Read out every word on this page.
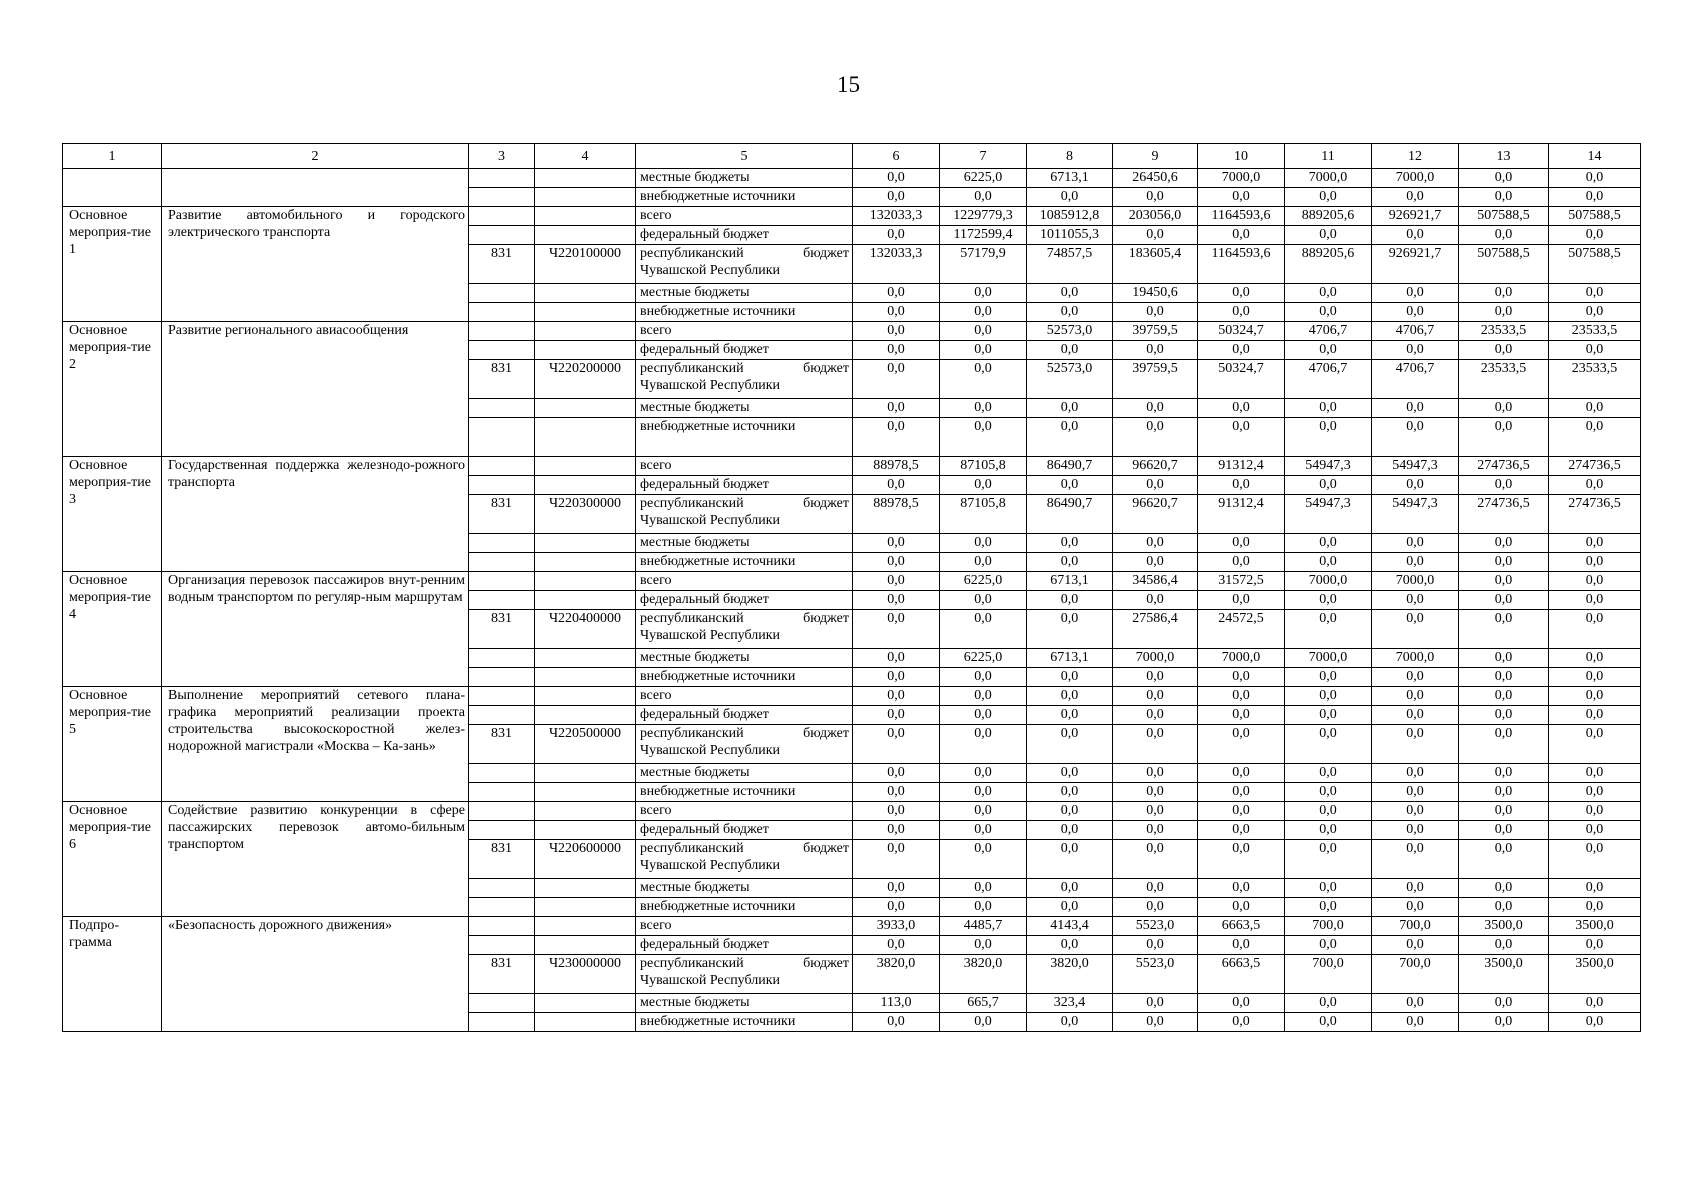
15
1	2	3	4	5	6	7	8	9	10	11	12	13	14
				местные бюджеты	0,0	6225,0	6713,1	26450,6	7000,0	7000,0	7000,0	0,0	0,0
				внебюджетные источники	0,0	0,0	0,0	0,0	0,0	0,0	0,0	0,0	0,0
Основное мероприя-тие 1	Развитие автомобильного и городского электрического транспорта			всего	132033,3	1229779,3	1085912,8	203056,0	1164593,6	889205,6	926921,7	507588,5	507588,5
				федеральный бюджет	0,0	1172599,4	1011055,3	0,0	0,0	0,0	0,0	0,0	0,0
		831	Ч220100000	республиканский бюджет Чувашской Республики	132033,3	57179,9	74857,5	183605,4	1164593,6	889205,6	926921,7	507588,5	507588,5
				местные бюджеты	0,0	0,0	0,0	19450,6	0,0	0,0	0,0	0,0	0,0
				внебюджетные источники	0,0	0,0	0,0	0,0	0,0	0,0	0,0	0,0	0,0
Основное мероприя-тие 2	Развитие регионального авиасообщения			всего	0,0	0,0	52573,0	39759,5	50324,7	4706,7	4706,7	23533,5	23533,5
				федеральный бюджет	0,0	0,0	0,0	0,0	0,0	0,0	0,0	0,0	0,0
		831	Ч220200000	республиканский бюджет Чувашской Республики	0,0	0,0	52573,0	39759,5	50324,7	4706,7	4706,7	23533,5	23533,5
				местные бюджеты	0,0	0,0	0,0	0,0	0,0	0,0	0,0	0,0	0,0
				внебюджетные источники	0,0	0,0	0,0	0,0	0,0	0,0	0,0	0,0	0,0
Основное мероприя-тие 3	Государственная поддержка железнодо-рожного транспорта			всего	88978,5	87105,8	86490,7	96620,7	91312,4	54947,3	54947,3	274736,5	274736,5
				федеральный бюджет	0,0	0,0	0,0	0,0	0,0	0,0	0,0	0,0	0,0
		831	Ч220300000	республиканский бюджет Чувашской Республики	88978,5	87105,8	86490,7	96620,7	91312,4	54947,3	54947,3	274736,5	274736,5
				местные бюджеты	0,0	0,0	0,0	0,0	0,0	0,0	0,0	0,0	0,0
				внебюджетные источники	0,0	0,0	0,0	0,0	0,0	0,0	0,0	0,0	0,0
Основное мероприя-тие 4	Организация перевозок пассажиров внут-ренним водным транспортом по регуляр-ным маршрутам			всего	0,0	6225,0	6713,1	34586,4	31572,5	7000,0	7000,0	0,0	0,0
				федеральный бюджет	0,0	0,0	0,0	0,0	0,0	0,0	0,0	0,0	0,0
		831	Ч220400000	республиканский бюджет Чувашской Республики	0,0	0,0	0,0	27586,4	24572,5	0,0	0,0	0,0	0,0
				местные бюджеты	0,0	6225,0	6713,1	7000,0	7000,0	7000,0	7000,0	0,0	0,0
				внебюджетные источники	0,0	0,0	0,0	0,0	0,0	0,0	0,0	0,0	0,0
Основное мероприя-тие 5	Выполнение мероприятий сетевого плана-графика мероприятий реализации проекта строительства высокоскоростной желез-нодорожной магистрали «Москва – Ка-зань»			всего	0,0	0,0	0,0	0,0	0,0	0,0	0,0	0,0	0,0
				федеральный бюджет	0,0	0,0	0,0	0,0	0,0	0,0	0,0	0,0	0,0
		831	Ч220500000	республиканский бюджет Чувашской Республики	0,0	0,0	0,0	0,0	0,0	0,0	0,0	0,0	0,0
				местные бюджеты	0,0	0,0	0,0	0,0	0,0	0,0	0,0	0,0	0,0
				внебюджетные источники	0,0	0,0	0,0	0,0	0,0	0,0	0,0	0,0	0,0
Основное мероприя-тие 6	Содействие развитию конкуренции в сфере пассажирских перевозок автомо-бильным транспортом			всего	0,0	0,0	0,0	0,0	0,0	0,0	0,0	0,0	0,0
				федеральный бюджет	0,0	0,0	0,0	0,0	0,0	0,0	0,0	0,0	0,0
		831	Ч220600000	республиканский бюджет Чувашской Республики	0,0	0,0	0,0	0,0	0,0	0,0	0,0	0,0	0,0
				местные бюджеты	0,0	0,0	0,0	0,0	0,0	0,0	0,0	0,0	0,0
				внебюджетные источники	0,0	0,0	0,0	0,0	0,0	0,0	0,0	0,0	0,0
Подпро-грамма	«Безопасность дорожного движения»			всего	3933,0	4485,7	4143,4	5523,0	6663,5	700,0	700,0	3500,0	3500,0
				федеральный бюджет	0,0	0,0	0,0	0,0	0,0	0,0	0,0	0,0	0,0
		831	Ч230000000	республиканский бюджет Чувашской Республики	3820,0	3820,0	3820,0	5523,0	6663,5	700,0	700,0	3500,0	3500,0
				местные бюджеты	113,0	665,7	323,4	0,0	0,0	0,0	0,0	0,0	0,0
				внебюджетные источники	0,0	0,0	0,0	0,0	0,0	0,0	0,0	0,0	0,0
